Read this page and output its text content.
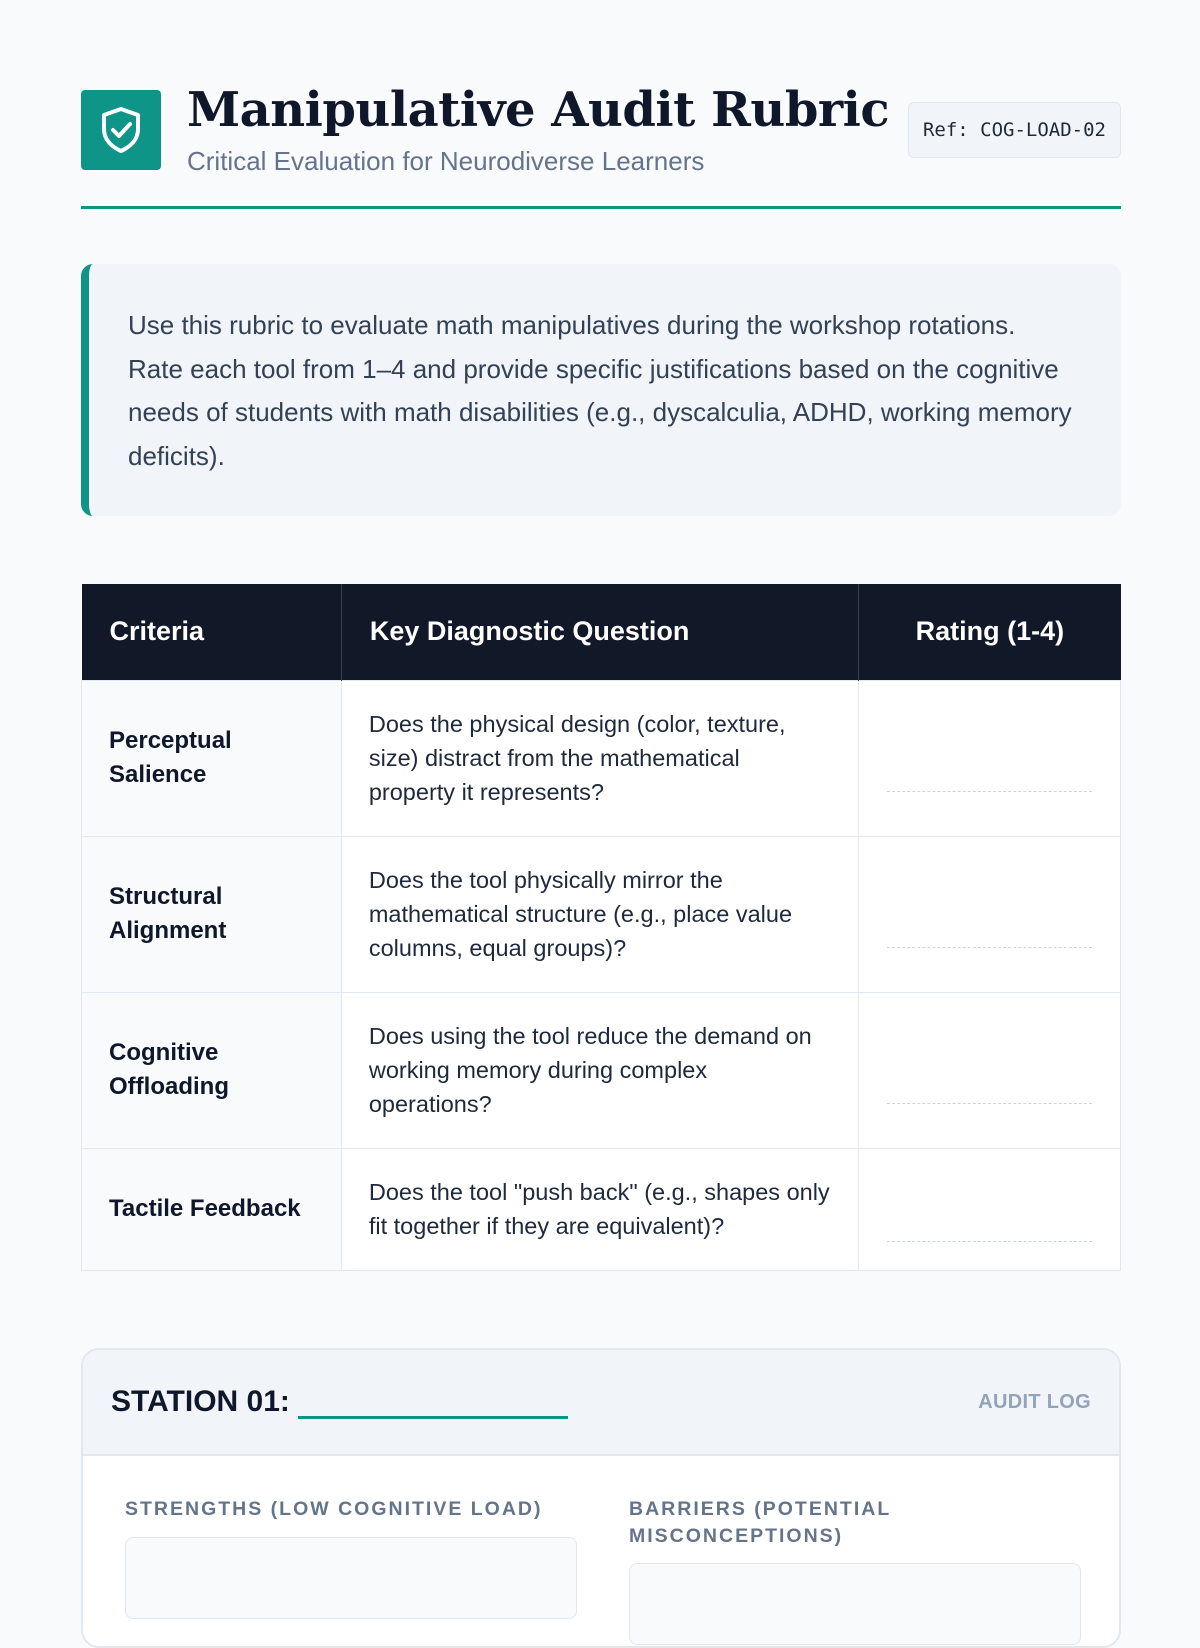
Manipulative Audit Rubric
Critical Evaluation for Neurodiverse Learners
Ref: COG-LOAD-02

Use this rubric to evaluate math manipulatives during the workshop rotations. Rate each tool from 1–4 and provide specific justifications based on the cognitive needs of students with math disabilities (e.g., dyscalculia, ADHD, working memory deficits).

Criteria	Key Diagnostic Question	Rating (1-4)
Perceptual Salience	Does the physical design (color, texture, size) distract from the mathematical property it represents?	

Structural Alignment	Does the tool physically mirror the mathematical structure (e.g., place value columns, equal groups)?	

Cognitive Offloading	Does using the tool reduce the demand on working memory during complex operations?	

Tactile Feedback	Does the tool "push back" (e.g., shapes only fit together if they are equivalent)?	
STATION 01:	AUDIT LOG
STRENGTHS (LOW COGNITIVE LOAD)	BARRIERS (POTENTIAL MISCONCEPTIONS)
